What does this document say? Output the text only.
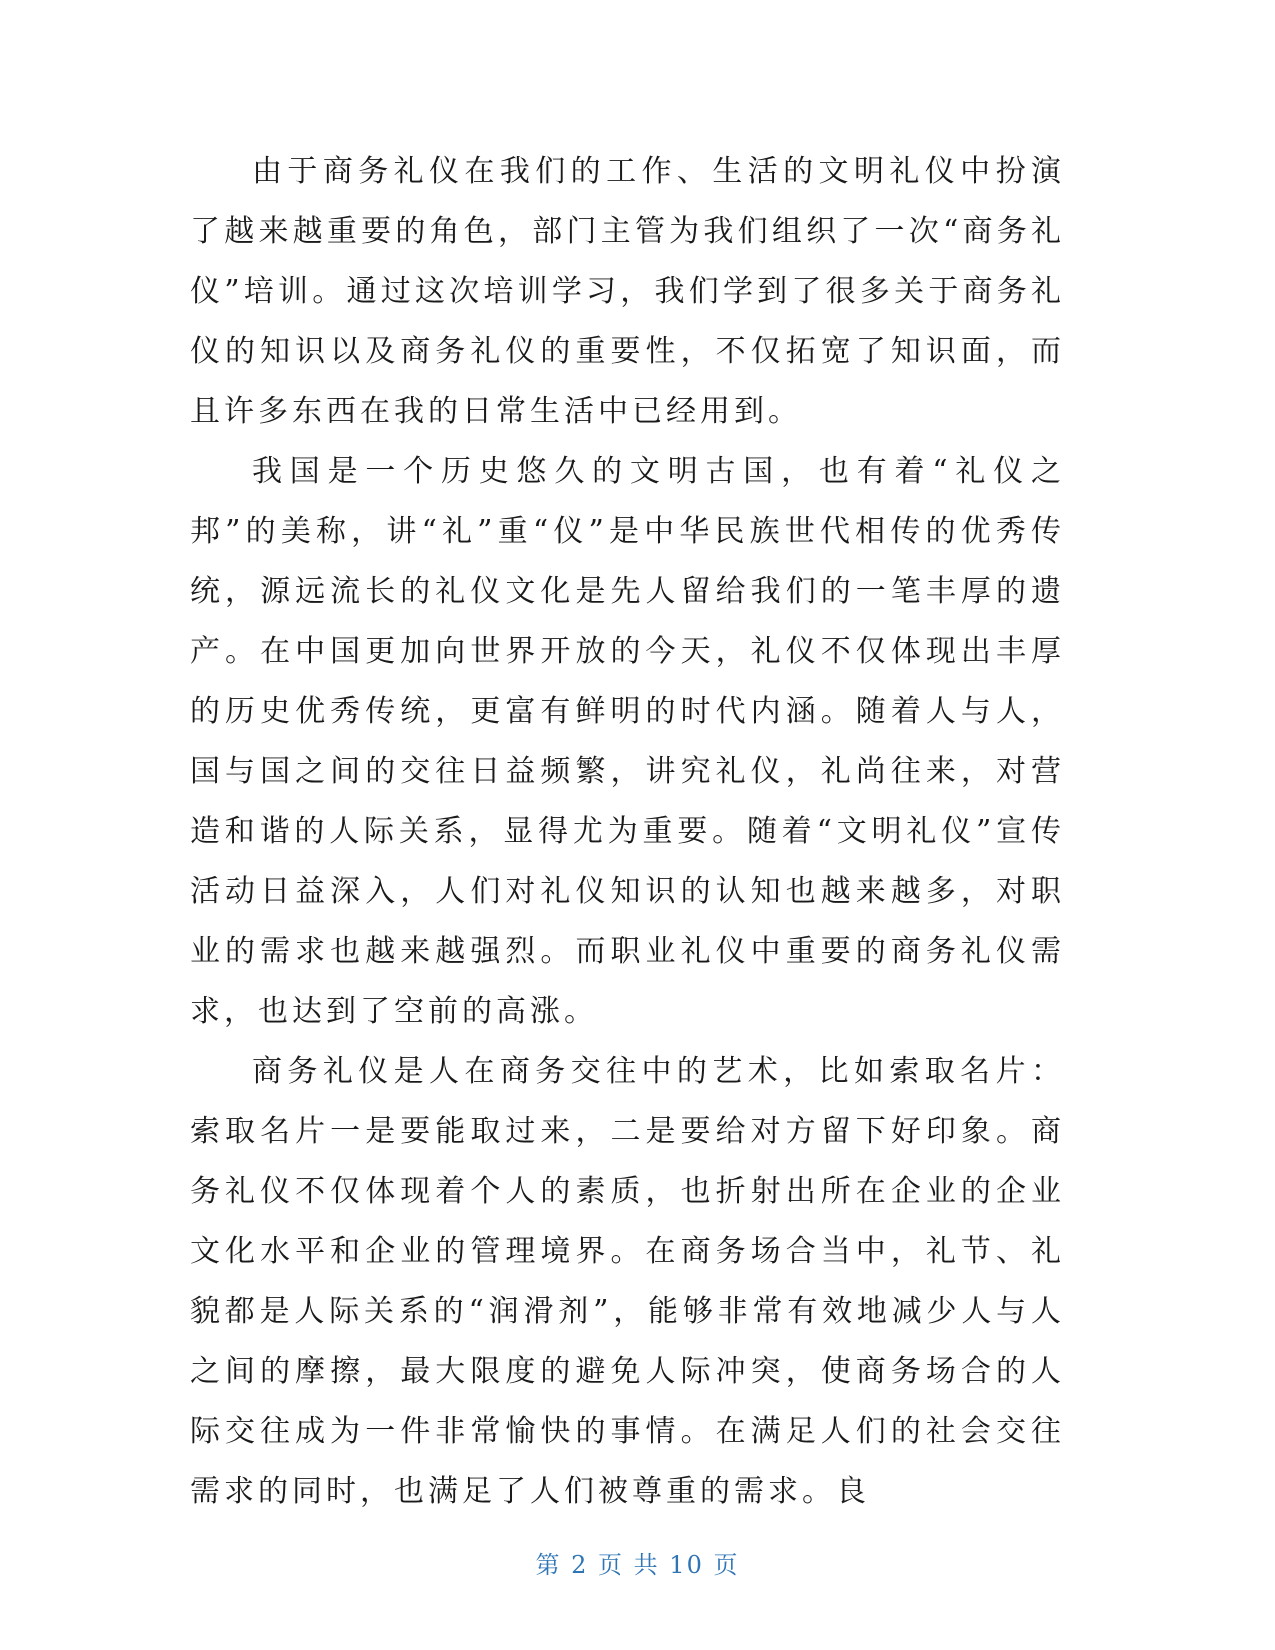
由于商务礼仪在我们的工作、生活的文明礼仪中扮演了越来越重要的角色，部门主管为我们组织了一次“商务礼仪”培训。通过这次培训学习，我们学到了很多关于商务礼仪的知识以及商务礼仪的重要性，不仅拓宽了知识面，而且许多东西在我的日常生活中已经用到。

我国是一个历史悠久的文明古国，也有着“礼仪之邦”的美称，讲“礼”重“仪”是中华民族世代相传的优秀传统，源远流长的礼仪文化是先人留给我们的一笔丰厚的遗产。在中国更加向世界开放的今天，礼仪不仅体现出丰厚的历史优秀传统，更富有鲜明的时代内涵。随着人与人，国与国之间的交往日益频繁，讲究礼仪，礼尚往来，对营造和谐的人际关系，显得尤为重要。随着“文明礼仪”宣传活动日益深入，人们对礼仪知识的认知也越来越多，对职业的需求也越来越强烈。而职业礼仪中重要的商务礼仪需求，也达到了空前的高涨。

商务礼仪是人在商务交往中的艺术，比如索取名片：索取名片一是要能取过来，二是要给对方留下好印象。商务礼仪不仅体现着个人的素质，也折射出所在企业的企业文化水平和企业的管理境界。在商务场合当中，礼节、礼貌都是人际关系的“润滑剂”，能够非常有效地减少人与人之间的摩擦，最大限度的避免人际冲突，使商务场合的人际交往成为一件非常愉快的事情。在满足人们的社会交往需求的同时，也满足了人们被尊重的需求。良

第 2 页 共 10 页
